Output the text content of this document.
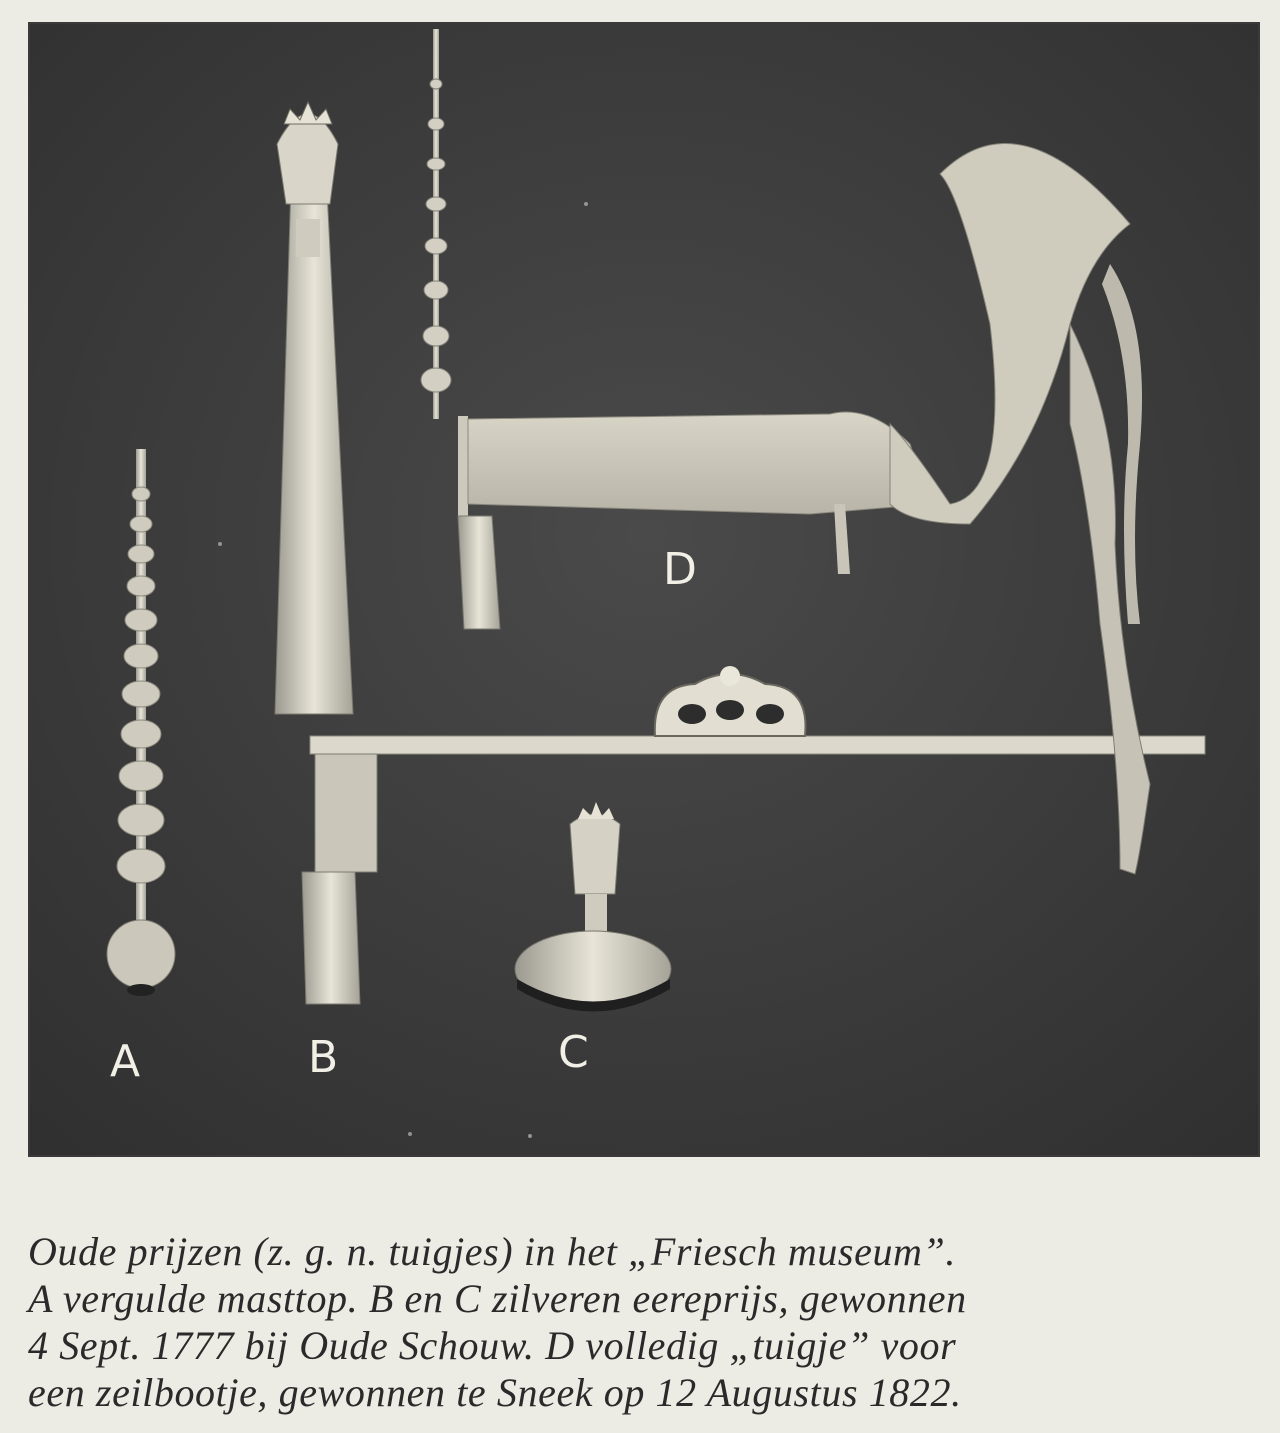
A	B	C
D
Oude prijzen (z. g. n. tuigjes) in het „Friesch museum”.
A vergulde masttop. B en C zilveren eereprijs, gewonnen
4 Sept. 1777 bij Oude Schouw. D volledig „tuigje” voor
een zeilbootje, gewonnen te Sneek op 12 Augustus 1822.
